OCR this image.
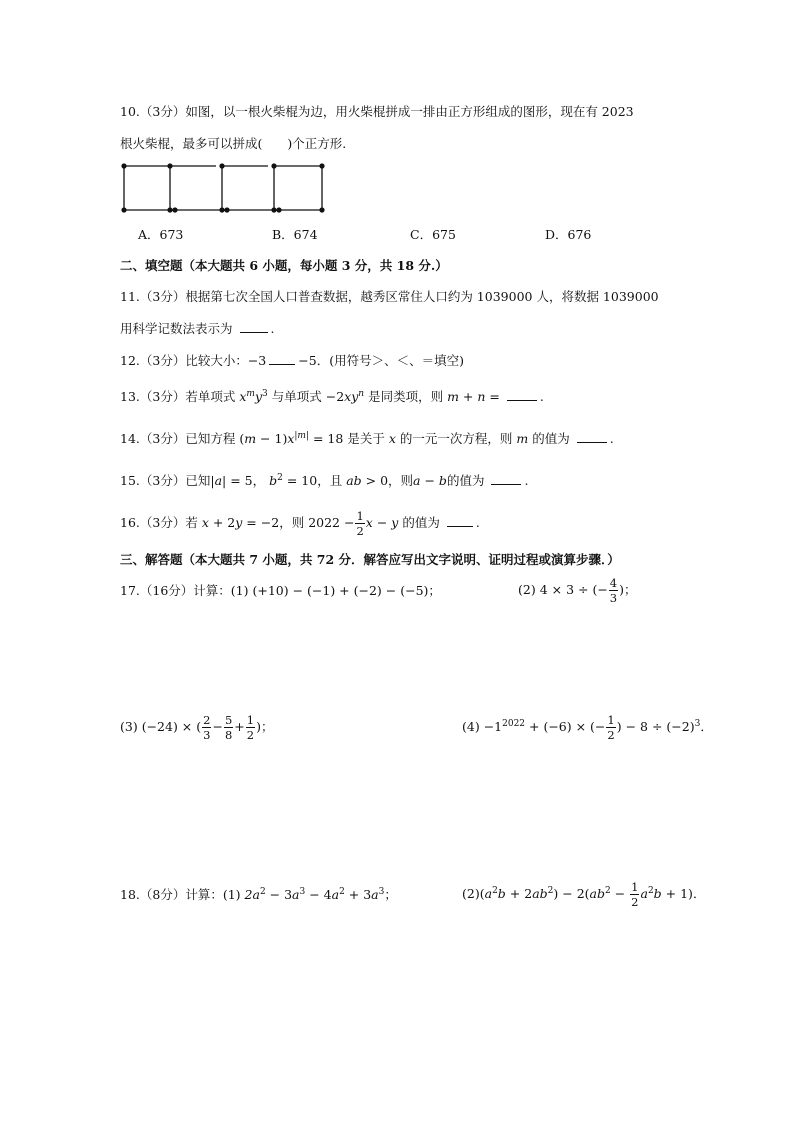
10.（3分）如图，以一根火柴棍为边，用火柴棍拼成一排由正方形组成的图形，现在有 2023
根火柴棍，最多可以拼成(　　)个正方形.
A．673	B．674	C．675	D．676
二、填空题（本大题共 6 小题，每小题 3 分，共 18 分.）
11.（3分）根据第七次全国人口普查数据，越秀区常住人口约为 1039000 人，将数据 1039000
用科学记数法表示为	.
12.（3分）比较大小：−3	−5．(用符号＞、＜、＝填空)
13.（3分）若单项式 $x^my^3$ 与单项式 $-2xy^n$ 是同类项，则 m + n =	.
14.（3分）已知方程 $(m - 1)x^{|m|} = 18$ 是关于 x 的一元一次方程，则 m 的值为	.
15.（3分）已知|a| = 5， $b^2 = 10$，且 ab > 0，则a − b的值为	.
16.（3分）若 x + 2y = −2，则 $2022 - \frac{1}{2}$ x − y 的值为	.
三、解答题（本大题共 7 小题，共 72 分．解答应写出文字说明、证明过程或演算步骤．）
17.（16分）计算：(1) (+10) − (−1) + (−2) − (−5)；	(2) 4 × 3 ÷ (− $\frac{4}{3}$ )；
(3) (−24) × ( $\frac{2}{3} - \frac{5}{8} + \frac{1}{2}$ )；	$(4) -1^{2022} + (-6)$ × (− $\frac{1}{2}$ ) − $8 \div (-2)^3$．
18.（8分）计算：(1) $2a^2 - 3a^3 - 4a^2 + 3a^3$；	$(2)(a^2b + 2ab^2) - 2(ab^2 - \frac{1}{2} a^2b + 1)$．
